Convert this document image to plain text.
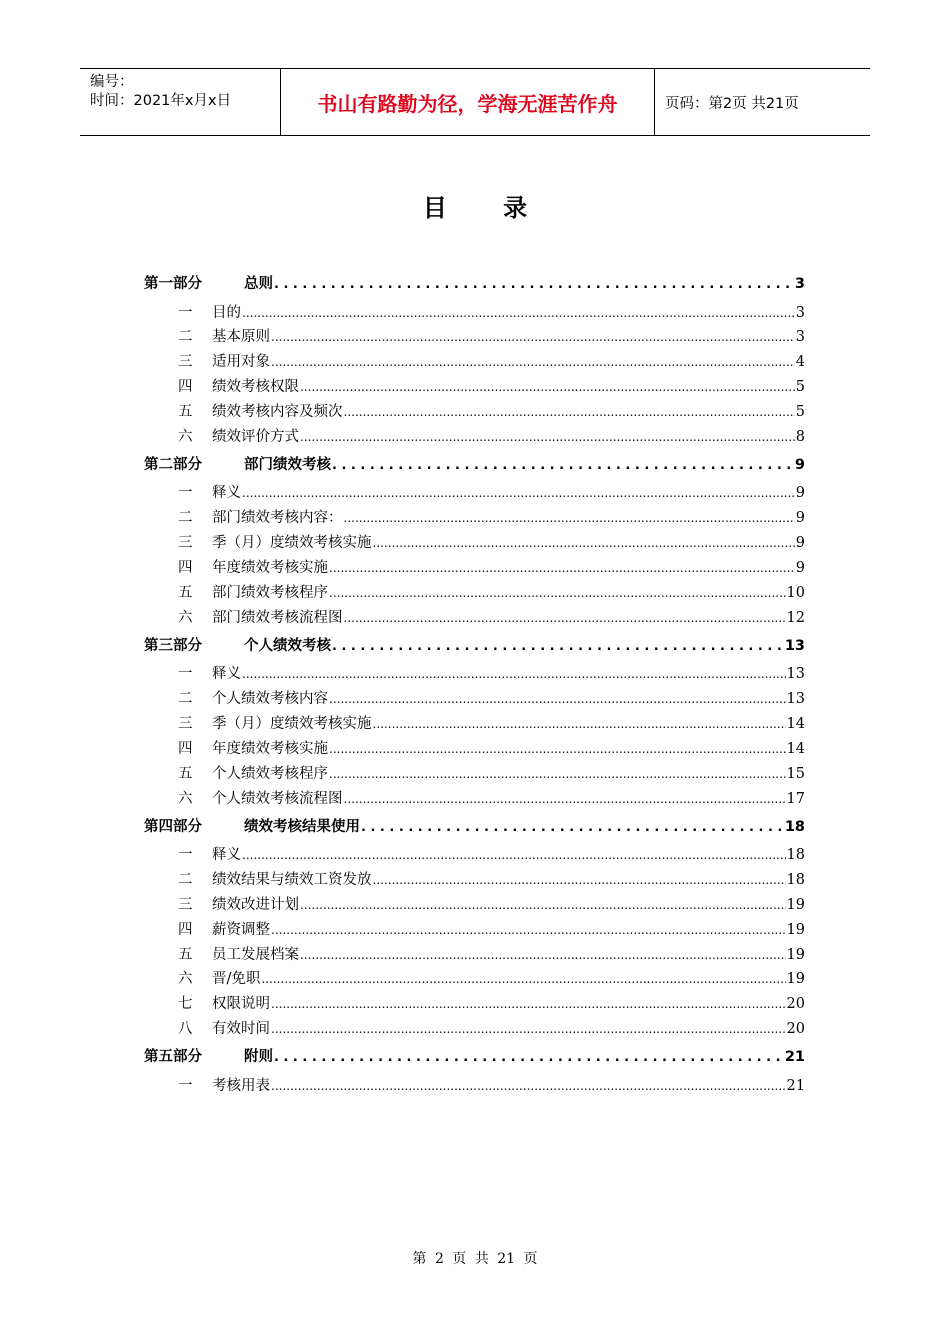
编号：
时间：2021年x月x日	书山有路勤为径，学海无涯苦作舟	页码：第2页 共21页
目 录
第一部分	总则 . . .	3
一	目的 .....	3
二	基本原则 .....	3
三	适用对象 .....	4
四	绩效考核权限 .....	5
五	绩效考核内容及频次 .....	5
六	绩效评价方式 .....	8
第二部分	部门绩效考核 . . .	9
一	释义 .....	9
二	部门绩效考核内容： .....	9
三	季（月）度绩效考核实施 .....	9
四	年度绩效考核实施 .....	9
五	部门绩效考核程序 .....	10
六	部门绩效考核流程图 .....	12
第三部分	个人绩效考核 . . .	13
一	释义 .....	13
二	个人绩效考核内容 .....	13
三	季（月）度绩效考核实施 .....	14
四	年度绩效考核实施 .....	14
五	个人绩效考核程序 .....	15
六	个人绩效考核流程图 .....	17
第四部分	绩效考核结果使用 . . .	18
一	释义 .....	18
二	绩效结果与绩效工资发放 .....	18
三	绩效改进计划 .....	19
四	薪资调整 .....	19
五	员工发展档案 .....	19
六	晋/免职 .....	19
七	权限说明 .....	20
八	有效时间 .....	20
第五部分	附则 . . .	21
一	考核用表 .....	21
第 2 页 共 21 页
